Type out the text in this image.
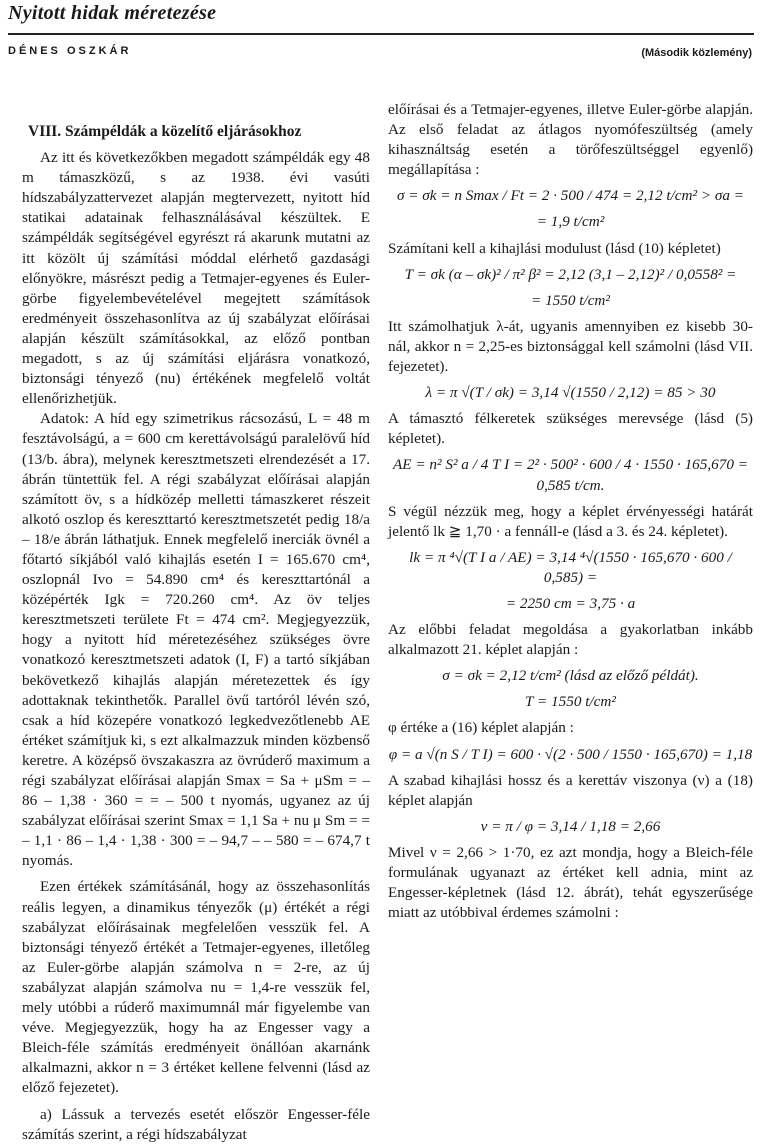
Nyitott hidak méretezése
DÉNES OSZKÁR	(Második közlemény)
VIII. Számpéldák a közelítő eljárásokhoz

Az itt és következőkben megadott számpéldák egy 48 m támaszközű, s az 1938. évi vasúti hídszabályzattervezet alapján megtervezett, nyitott híd statikai adatainak felhasználásával készültek. E számpéldák segítségével egyrészt rá akarunk mutatni az itt közölt új számítási móddal elérhető gazdasági előnyökre, másrészt pedig a Tetmajer-egyenes és Euler-görbe figyelembevételével megejtett számítások eredményeit összehasonlítva az új szabályzat előírásai alapján készült számításokkal, az előző pontban megadott, s az új számítási eljárásra vonatkozó, biztonsági tényező (nu) értékének megfelelő voltát ellenőrizhetjük.

Adatok: A híd egy szimetrikus rácsozású, L = 48 m fesztávolságú, a = 600 cm kerettávolságú paralelövű híd (13/b. ábra), melynek keresztmetszeti elrendezését a 17. ábrán tüntettük fel. A régi szabályzat előírásai alapján számított öv, s a hídközép melletti támaszkeret részeit alkotó oszlop és kereszttartó keresztmetszetét pedig 18/a – 18/e ábrán láthatjuk. Ennek megfelelő inerciák övnél a főtartó síkjából való kihajlás esetén I = 165.670 cm⁴, oszlopnál Ivo = 54.890 cm⁴ és kereszttartónál a középérték Igk = 720.260 cm⁴. Az öv teljes keresztmetszeti területe Ft = 474 cm². Megjegyezzük, hogy a nyitott híd méretezéséhez szükséges övre vonatkozó keresztmetszeti adatok (I, F) a tartó síkjában bekövetkező kihajlás alapján méretezettek és így adottaknak tekinthetők. Parallel övű tartóról lévén szó, csak a híd közepére vonatkozó legkedvezőtlenebb AE értéket számítjuk ki, s ezt alkalmazzuk minden közbenső keretre. A középső övszakaszra az övrúderő maximum a régi szabályzat előírásai alapján Smax = Sa + μSm = – 86 – 1,38 · 360 = = – 500 t nyomás, ugyanez az új szabályzat előírásai szerint Smax = 1,1 Sa + nu μ Sm = = – 1,1 · 86 – 1,4 · 1,38 · 300 = – 94,7 – – 580 = – 674,7 t nyomás.

Ezen értékek számításánál, hogy az összehasonlítás reális legyen, a dinamikus tényezők (μ) értékét a régi szabályzat előírásainak megfelelően vesszük fel. A biztonsági tényező értékét a Tetmajer-egyenes, illetőleg az Euler-görbe alapján számolva n = 2-re, az új szabályzat alapján számolva nu = 1,4-re vesszük fel, mely utóbbi a rúderő maximumnál már figyelembe van véve. Megjegyezzük, hogy ha az Engesser vagy a Bleich-féle számítás eredményeit önállóan akarnánk alkalmazni, akkor n = 3 értéket kellene felvenni (lásd az előző fejezetet).

a) Lássuk a tervezés esetét először Engesser-féle számítás szerint, a régi hídszabályzat

előírásai és a Tetmajer-egyenes, illetve Euler-görbe alapján. Az első feladat az átlagos nyomófeszültség (amely kihasználtság esetén a törőfeszültséggel egyenlő) megállapítása :

σ = σk = n Smax / Ft = 2 · 500 / 474 = 2,12 t/cm² > σa =
= 1,9 t/cm²

Számítani kell a kihajlási modulust (lásd (10) képletet)

T = σk (α – σk)² / π² β² = 2,12 (3,1 – 2,12)² / 0,0558² =
= 1550 t/cm²

Itt számolhatjuk λ-át, ugyanis amennyiben ez kisebb 30-nál, akkor n = 2,25-es biztonsággal kell számolni (lásd VII. fejezetet).

λ = π √(T / σk) = 3,14 √(1550 / 2,12) = 85 > 30

A támasztó félkeretek szükséges merevsége (lásd (5) képletet).

AE = n² S² a / 4 T I = 2² · 500² · 600 / 4 · 1550 · 165,670 = 0,585 t/cm.

S végül nézzük meg, hogy a képlet érvényességi határát jelentő lk ≧ 1,70 · a fennáll-e (lásd a 3. és 24. képletet).

lk = π ⁴√(T I a / AE) = 3,14 ⁴√(1550 · 165,670 · 600 / 0,585) =
= 2250 cm = 3,75 · a

Az előbbi feladat megoldása a gyakorlatban inkább alkalmazott 21. képlet alapján :

σ = σk = 2,12 t/cm² (lásd az előző példát).
T = 1550 t/cm²

φ értéke a (16) képlet alapján :

φ = a √(n S / T I) = 600 · √(2 · 500 / 1550 · 165,670) = 1,18

A szabad kihajlási hossz és a kerettáv viszonya (ν) a (18) képlet alapján

ν = π / φ = 3,14 / 1,18 = 2,66

Mivel ν = 2,66 > 1·70, ez azt mondja, hogy a Bleich-féle formulának ugyanazt az értéket kell adnia, mint az Engesser-képletnek (lásd 12. ábrát), tehát egyszerűsége miatt az utóbbival érdemes számolni :
